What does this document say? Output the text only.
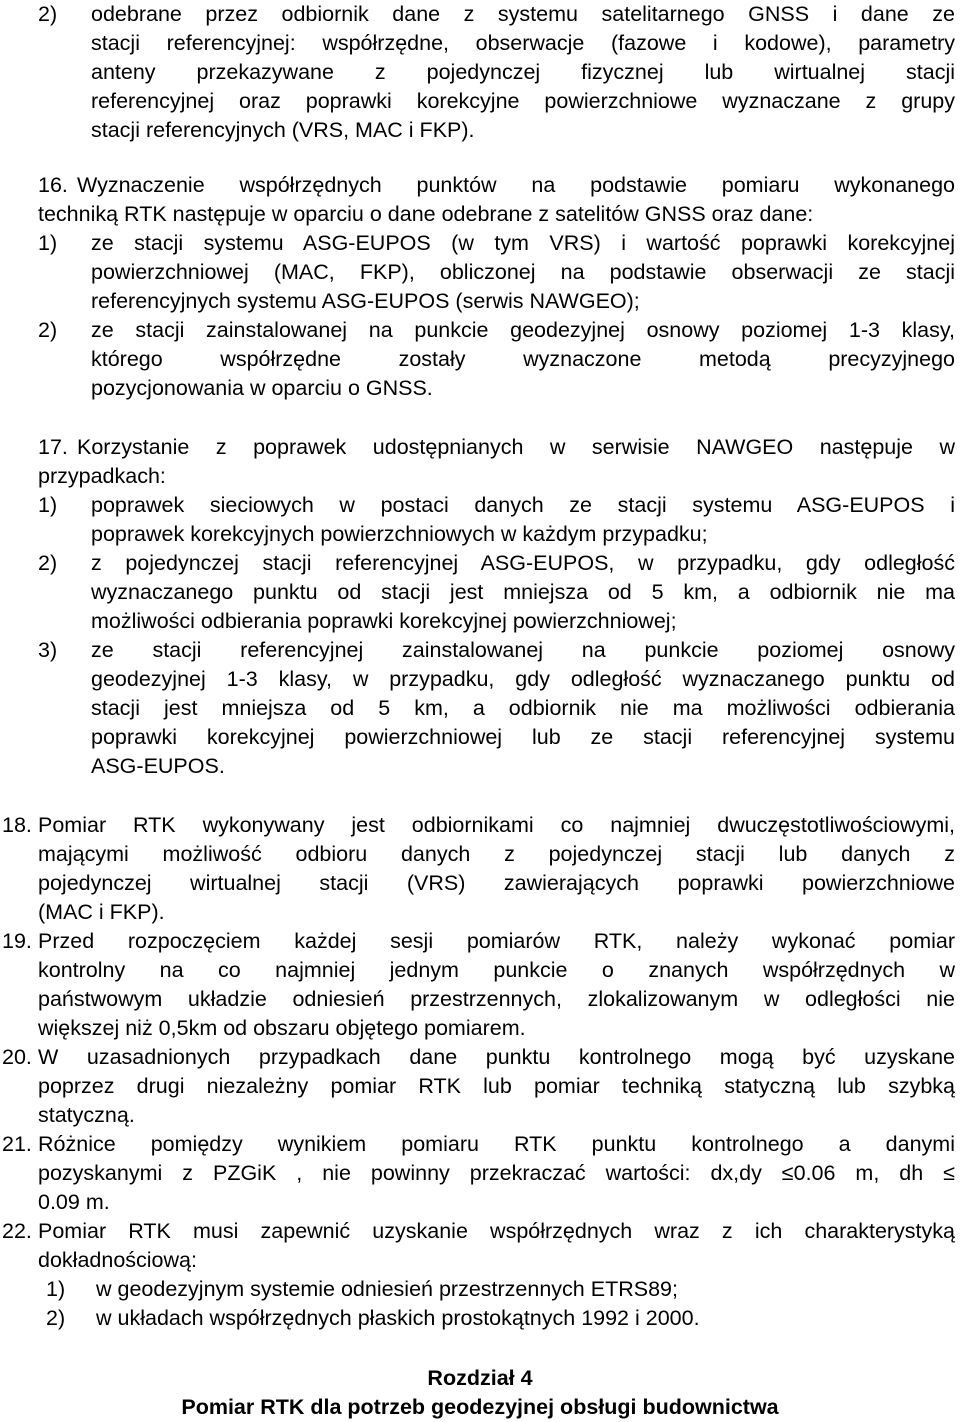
2) odebrane przez odbiornik dane z systemu satelitarnego GNSS i dane ze
stacji referencyjnej: współrzędne, obserwacje (fazowe i kodowe), parametry
anteny przekazywane z pojedynczej fizycznej lub wirtualnej stacji
referencyjnej oraz poprawki korekcyjne powierzchniowe wyznaczane z grupy
stacji referencyjnych (VRS, MAC i FKP).
16. Wyznaczenie współrzędnych punktów na podstawie pomiaru wykonanego
techniką RTK następuje w oparciu o dane odebrane z satelitów GNSS oraz dane:
1) ze stacji systemu ASG-EUPOS (w tym VRS) i wartość poprawki korekcyjnej
powierzchniowej (MAC, FKP), obliczonej na podstawie obserwacji ze stacji
referencyjnych systemu ASG-EUPOS (serwis NAWGEO);
2) ze stacji zainstalowanej na punkcie geodezyjnej osnowy poziomej 1-3 klasy,
którego współrzędne zostały wyznaczone metodą precyzyjnego
pozycjonowania w oparciu o GNSS.
17. Korzystanie z poprawek udostępnianych w serwisie NAWGEO następuje w
przypadkach:
1) poprawek sieciowych w postaci danych ze stacji systemu ASG-EUPOS i
poprawek korekcyjnych powierzchniowych w każdym przypadku;
2) z pojedynczej stacji referencyjnej ASG-EUPOS, w przypadku, gdy odległość
wyznaczanego punktu od stacji jest mniejsza od 5 km, a odbiornik nie ma
możliwości odbierania poprawki korekcyjnej powierzchniowej;
3) ze stacji referencyjnej zainstalowanej na punkcie poziomej osnowy
geodezyjnej 1-3 klasy, w przypadku, gdy odległość wyznaczanego punktu od
stacji jest mniejsza od 5 km, a odbiornik nie ma możliwości odbierania
poprawki korekcyjnej powierzchniowej lub ze stacji referencyjnej systemu
ASG-EUPOS.
18. Pomiar RTK wykonywany jest odbiornikami co najmniej dwuczęstotliwościowymi,
mającymi możliwość odbioru danych z pojedynczej stacji lub danych z
pojedynczej wirtualnej stacji (VRS) zawierających poprawki powierzchniowe
(MAC i FKP).
19. Przed rozpoczęciem każdej sesji pomiarów RTK, należy wykonać pomiar
kontrolny na co najmniej jednym punkcie o znanych współrzędnych w
państwowym układzie odniesień przestrzennych, zlokalizowanym w odległości nie
większej niż 0,5km od obszaru objętego pomiarem.
20. W uzasadnionych przypadkach dane punktu kontrolnego mogą być uzyskane
poprzez drugi niezależny pomiar RTK lub pomiar techniką statyczną lub szybką
statyczną.
21. Różnice pomiędzy wynikiem pomiaru RTK punktu kontrolnego a danymi
pozyskanymi z PZGiK , nie powinny przekraczać wartości: dx,dy ≤0.06 m, dh ≤
0.09 m.
22. Pomiar RTK musi zapewnić uzyskanie współrzędnych wraz z ich charakterystyką
dokładnościową:
1) w geodezyjnym systemie odniesień przestrzennych ETRS89;
2) w układach współrzędnych płaskich prostokątnych 1992 i 2000.
Rozdział 4
Pomiar RTK dla potrzeb geodezyjnej obsługi budownictwa
